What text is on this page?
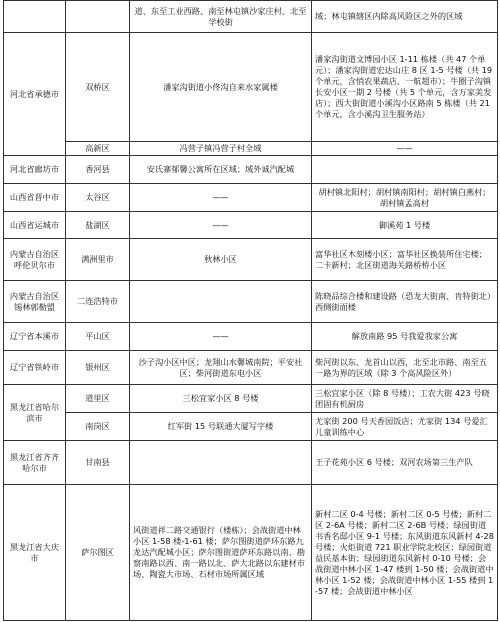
		道、东至工业西路、南至林屯镇沙家庄村、北至学校街	域；林屯镇辖区内除高风险区之外的区域
河北省承德市	双桥区	潘家沟街道小佟沟自来水家属楼	潘家沟街道文博园小区 1-11 栋楼（共 47 个单元）；潘家沟街道宏达山庄 8 区 1-5 号楼（共 19 个单元，含悄农果蔬店、一航超市）；牛圈子沟镇长安小区一期 2 号楼（共 5 个单元，含万家美发店）；西大街街道小溪沟小区路南 5 栋楼（共 21 个单元，含小溪沟卫生服务站）
	高新区	冯营子镇冯营子村全域	——
河北省廊坊市	香河县	安氏寨郁馨公寓所在区域；域外诚汽配城	
山西省晋中市	太谷区	——	胡村镇北阳村；胡村镇南阳村；胡村镇白燕村；胡村镇孟高村
山西省运城市	盐湖区	——	御溪苑 1 号楼
内蒙古自治区呼伦贝尔市	满洲里市	秋林小区	富华社区木刻楼小区；富华社区换装所住宅楼；二卡新村；北区街道海关路桥桥小区
内蒙古自治区锡林郭勒盟	二连浩特市		陈晓品综合楼和建设路（恐龙大街南、肯特街北）西侧街面楼
辽宁省本溪市	平山区	——	解放南路 95 号我爱我家公寓
辽宁省铁岭市	银州区	沙子沟小区中区；龙翔山水馨城南院；平安社区；柴河街道东电小区	柴河街以东、龙首山以西，北至北市路、南至五一路为界的区域（除 3 个高风险区外）
黑龙江省哈尔滨市	道里区	三松宜家小区 8 号楼	三松宜家小区（除 8 号楼）；工农大街 423 号晓团固有机厨房
	南岗区	红军街 15 号联通大厦写字楼	尤家街 200 号天香园饭店；尤家街 134 号爱汇儿童训练中心
黑龙江省齐齐哈尔市	甘南县		王子花苑小区 6 号楼；双河农场第三生产队
黑龙江省大庆市	萨尔图区	风街道祥二路交通银行（楼栋）；会战街道中林小区 1-58 楼-1-61 楼；萨尔图街道萨环东路九龙达汽配城小区；萨尔图街道萨环东路以南、勘察南路以西、南一路以北、萨大北路以东建材市场、陶瓷大市场、石材市场所属区域	新村二区 0-4 号楼；新村二区 0-5 号楼；新村二区 2-6A 号楼；新村二区 2-6B 号楼；绿园街道书香名邸小区 9-1 号楼；东风街道东风新村 4-28 号楼；火炬街道 721 职业学院北校区；绿园街道益民基本街；绿园街道东风新村 0-10 号楼；会战街道中林小区 1-47 楼到 1-50 楼；会战街道中林小区 1-52 楼；会战街道中林小区 1-55 楼到 1-57 楼；会战街道中林小区
